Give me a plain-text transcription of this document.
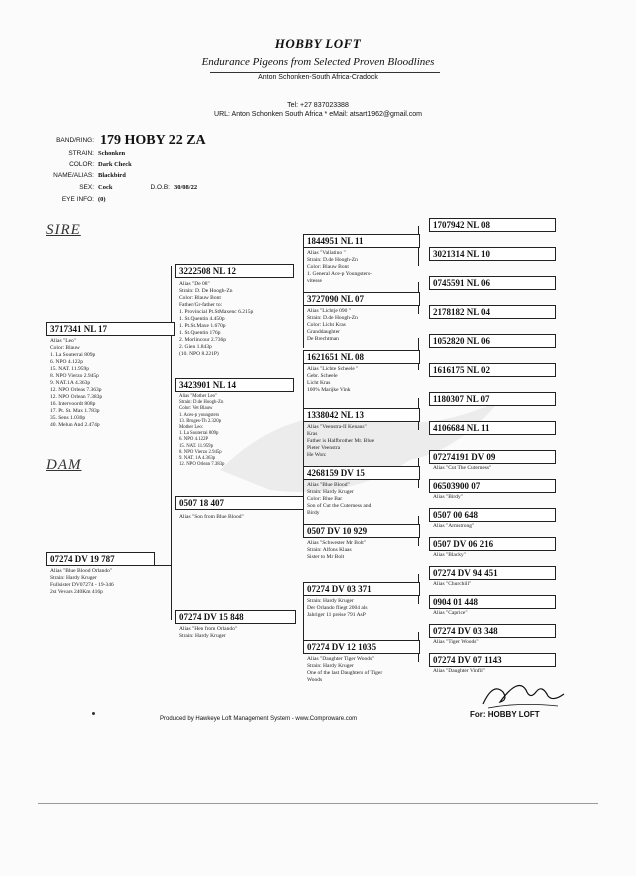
HOBBY LOFT
Endurance Pigeons from Selected Proven Bloodlines
Anton Schonken-South Africa-Cradock
Tel: +27 837023388
URL: Anton Schonken South Africa * eMail: atsart1962@gmail.com
BAND/RING: 179 HOBY 22 ZA
STRAIN: Schonken
COLOR: Dark Check
NAME/ALIAS: Blackbird
SEX: Cock	D.O.B: 30/08/22
EYE INFO: (0)
SIRE
DAM
3717341 NL 17
Alias "Leo"
Color: Blauw
1. La Souterrai 809p
6. NPO 4.122p
15. NAT. 11.959p
8. NPO Vierzo 2.945p
9. NAT.1A 4.363p
12. NPO Orleas 7.363p
12. NPO Orlean 7.383p
16. Intervoordt 808p
17. Pt. St. Max 1.783p
35. Sens 1.030p
40. Melun And 2.474p
07274 DV 19 787
Alias "Blue Blood Orlando"
Strain: Hardy Kruger
Fullsister DV07274 - 19-346
2st Vevars 240Km 416p
3222508 NL 12
Alias "De 08"
Strain: D. De Hoogh-Zn
Color: Blauw Bont
Father/Gr-father to:
1. Provincial Pt.StMaxenc 6.215p
1. St.Quentin 4.450p
1. Pt.St.Maxe 1.670p
1. St.Quentin 176p
2. Morlincour 2.736p
2. Gien 1.843p
(10. NPO 8.221P)
3423901 NL 14
Alias "Mother Leo"
Strain: D.de Hoogh-Zn
Color: Vet Blauw
1. Aces-p youngsters
13. Bruges-Th 2.320p
Mother Leo:
1. La Souterrai 809p
6. NPO 4.122P
15. NAT. 11.959p
8. NPO Vierzo 2.945p
9. NAT. 1A 4.363p
12. NPO Orlean 7.383p
0507 18 407
Alias "Son from Blue Blood"
07274 DV 15 848
Alias "Hen from Orlando"
Strain: Hardy Kruger
1844951 NL 11
Alias "Vallatino "
Strain: D.de Hoogh-Zn
Color: Blauw Bont
1. General Ace-p Youngsters-
vitesse
3727090 NL 07
Alias "Lichtje 090 "
Strain: D.de Hoogh-Zn
Color: Licht Kras
Granddaughter
De Brechtman
1621651 NL 08
Alias "Lichte Scheele "
Gebr. Scheele
Licht Kras
100% Marijke Vink
1338042 NL 13
Alias "Veenstra-II Kenaus"
Kras
Father is Halfbrother Mr. Blue
Pieter Veenstra
He Won:
4268159 DV 15
Alias "Blue Blood"
Strain: Hardy Kruger
Color: Blue Bar
Son of Cut the Cuterness and
Birdy
0507 DV 10 929
Alias "Schwester Mr Bolt"
Strain: Alfons Klaas
Sister to Mr Bolt
07274 DV 03 371
Strain: Hardy Kruger
Der Orlando fliegt 2004 als
Jahriger 11 preise 791 AsP
07274 DV 12 1035
Alias "Daughter Tiger Woods"
Strain: Hardy Kruger
One of the last Daughters of Tiger
Woods
1707942 NL 08
3021314 NL 10
0745591 NL 06
2178182 NL 04
1052820 NL 06
1616175 NL 02
1180307 NL 07
4106684 NL 11
07274191 DV 09
Alias "Cut The Cuterness"
06503900 07
Alias "Birdy"
0507 00 648
Alias "Armstrong"
0507 DV 06 216
Alias "Blacky"
07274 DV 94 451
Alias "Churchill"
0904 01 448
Alias "Caprice"
07274 DV 03 348
Alias "Tiger Woods"
07274 DV 07 1143
Alias "Daughter Vinfil"
Produced by Hawkeye Loft Management System - www.Comproware.com	For: HOBBY LOFT
